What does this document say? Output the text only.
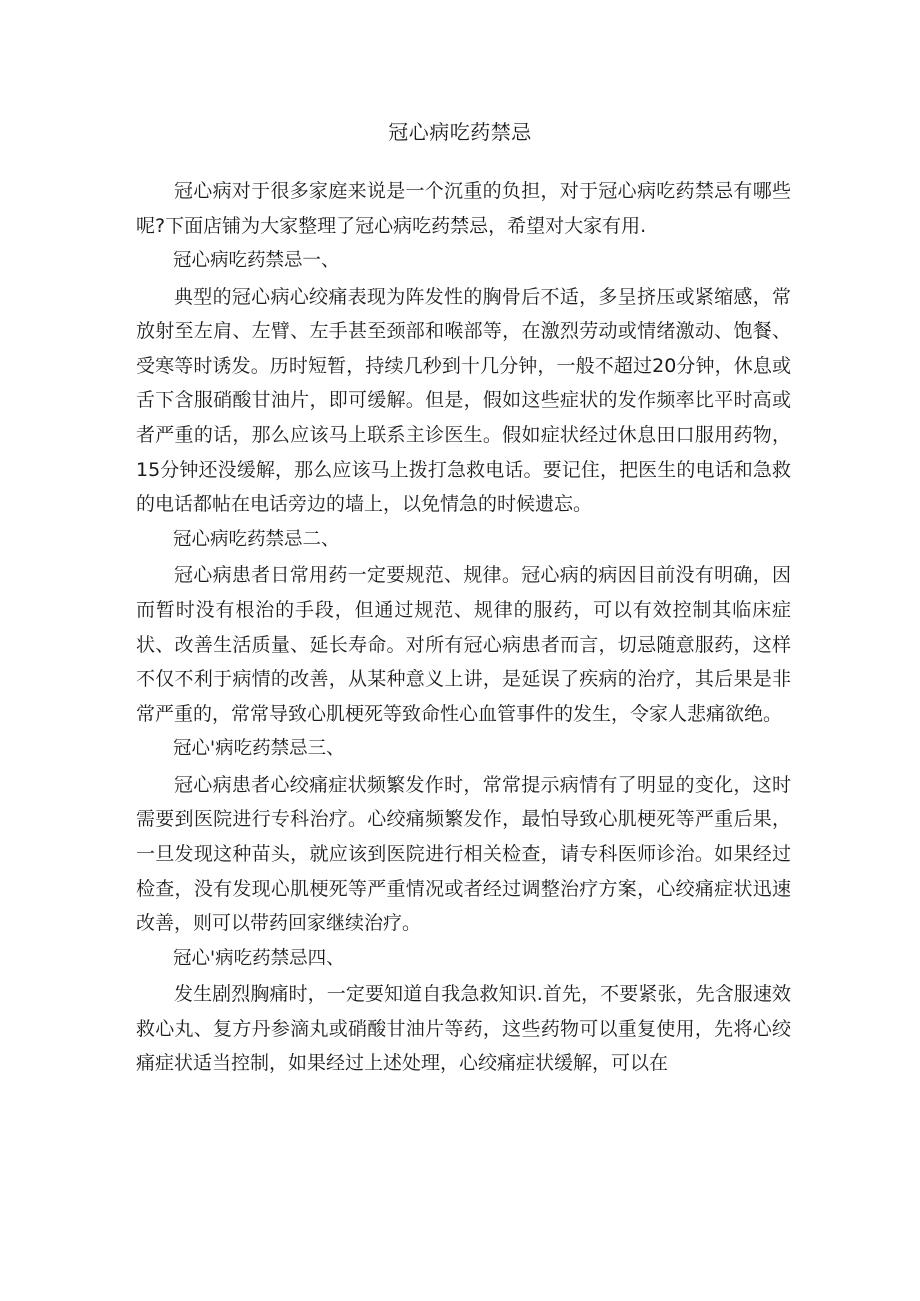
冠心病吃药禁忌

冠心病对于很多家庭来说是一个沉重的负担，对于冠心病吃药禁忌有哪些呢?下面店铺为大家整理了冠心病吃药禁忌，希望对大家有用.

冠心病吃药禁忌一、

典型的冠心病心绞痛表现为阵发性的胸骨后不适，多呈挤压或紧缩感，常放射至左肩、左臂、左手甚至颈部和喉部等，在激烈劳动或情绪激动、饱餐、受寒等时诱发。历时短暂，持续几秒到十几分钟，一般不超过20分钟，休息或舌下含服硝酸甘油片，即可缓解。但是，假如这些症状的发作频率比平时高或者严重的话，那么应该马上联系主诊医生。假如症状经过休息田口服用药物，15分钟还没缓解，那么应该马上拨打急救电话。要记住，把医生的电话和急救的电话都帖在电话旁边的墙上，以免情急的时候遗忘。

冠心病吃药禁忌二、

冠心病患者日常用药一定要规范、规律。冠心病的病因目前没有明确，因而暂时没有根治的手段，但通过规范、规律的服药，可以有效控制其临床症状、改善生活质量、延长寿命。对所有冠心病患者而言，切忌随意服药，这样不仅不利于病情的改善，从某种意义上讲，是延误了疾病的治疗，其后果是非常严重的，常常导致心肌梗死等致命性心血管事件的发生，令家人悲痛欲绝。

冠心'病吃药禁忌三、

冠心病患者心绞痛症状频繁发作时，常常提示病情有了明显的变化，这时需要到医院进行专科治疗。心绞痛频繁发作，最怕导致心肌梗死等严重后果，一旦发现这种苗头，就应该到医院进行相关检查，请专科医师诊治。如果经过检查，没有发现心肌梗死等严重情况或者经过调整治疗方案，心绞痛症状迅速改善，则可以带药回家继续治疗。

冠心'病吃药禁忌四、

发生剧烈胸痛时，一定要知道自我急救知识.首先，不要紧张，先含服速效救心丸、复方丹参滴丸或硝酸甘油片等药，这些药物可以重复使用，先将心绞痛症状适当控制，如果经过上述处理，心绞痛症状缓解，可以在
